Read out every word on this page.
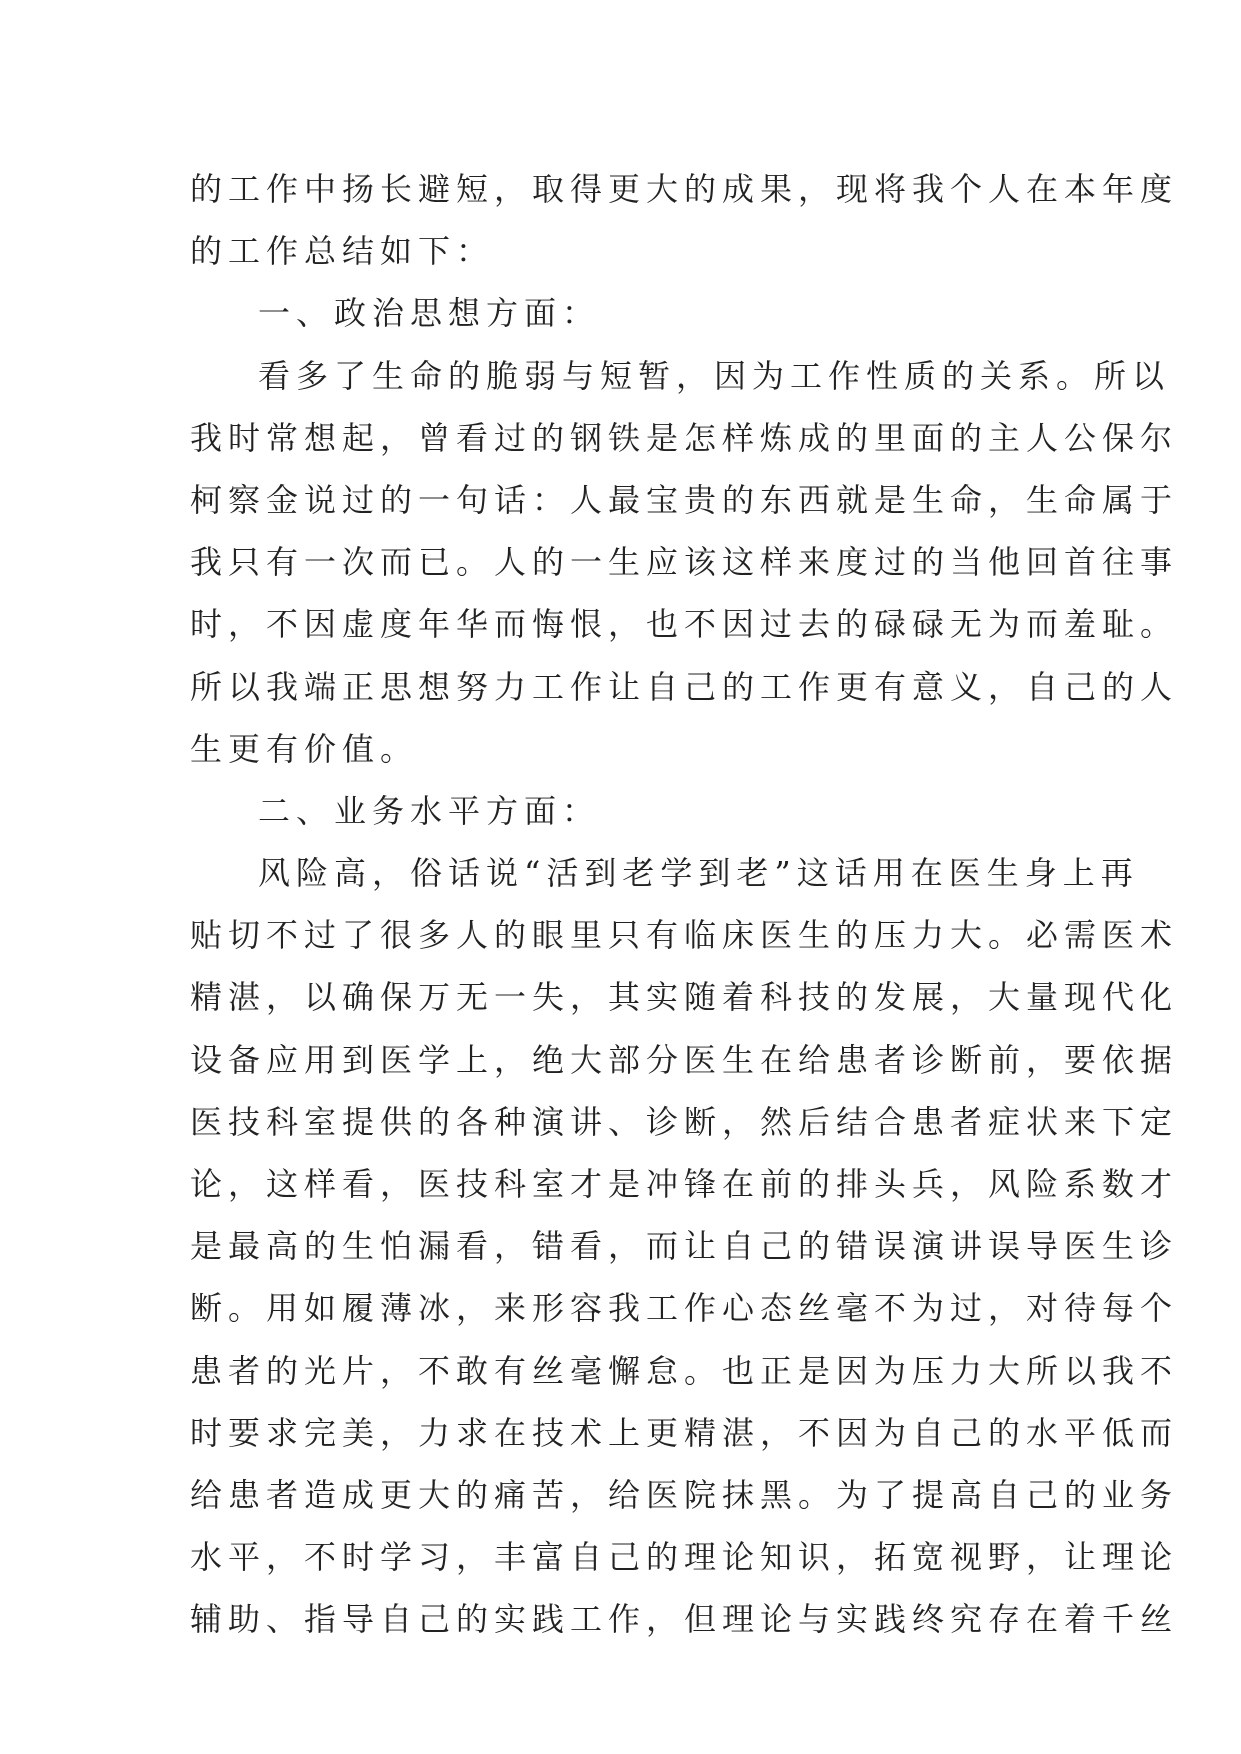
的工作中扬长避短，取得更大的成果，现将我个人在本年度
的工作总结如下：
一、政治思想方面：
看多了生命的脆弱与短暂，因为工作性质的关系。所以
我时常想起，曾看过的钢铁是怎样炼成的里面的主人公保尔
柯察金说过的一句话：人最宝贵的东西就是生命，生命属于
我只有一次而已。人的一生应该这样来度过的当他回首往事
时，不因虚度年华而悔恨，也不因过去的碌碌无为而羞耻。
所以我端正思想努力工作让自己的工作更有意义，自己的人
生更有价值。
二、业务水平方面：
风险高，俗话说“活到老学到老”这话用在医生身上再
贴切不过了很多人的眼里只有临床医生的压力大。必需医术
精湛，以确保万无一失，其实随着科技的发展，大量现代化
设备应用到医学上，绝大部分医生在给患者诊断前，要依据
医技科室提供的各种演讲、诊断，然后结合患者症状来下定
论，这样看，医技科室才是冲锋在前的排头兵，风险系数才
是最高的生怕漏看，错看，而让自己的错误演讲误导医生诊
断。用如履薄冰，来形容我工作心态丝毫不为过，对待每个
患者的光片，不敢有丝毫懈怠。也正是因为压力大所以我不
时要求完美，力求在技术上更精湛，不因为自己的水平低而
给患者造成更大的痛苦，给医院抹黑。为了提高自己的业务
水平，不时学习，丰富自己的理论知识，拓宽视野，让理论
辅助、指导自己的实践工作，但理论与实践终究存在着千丝
